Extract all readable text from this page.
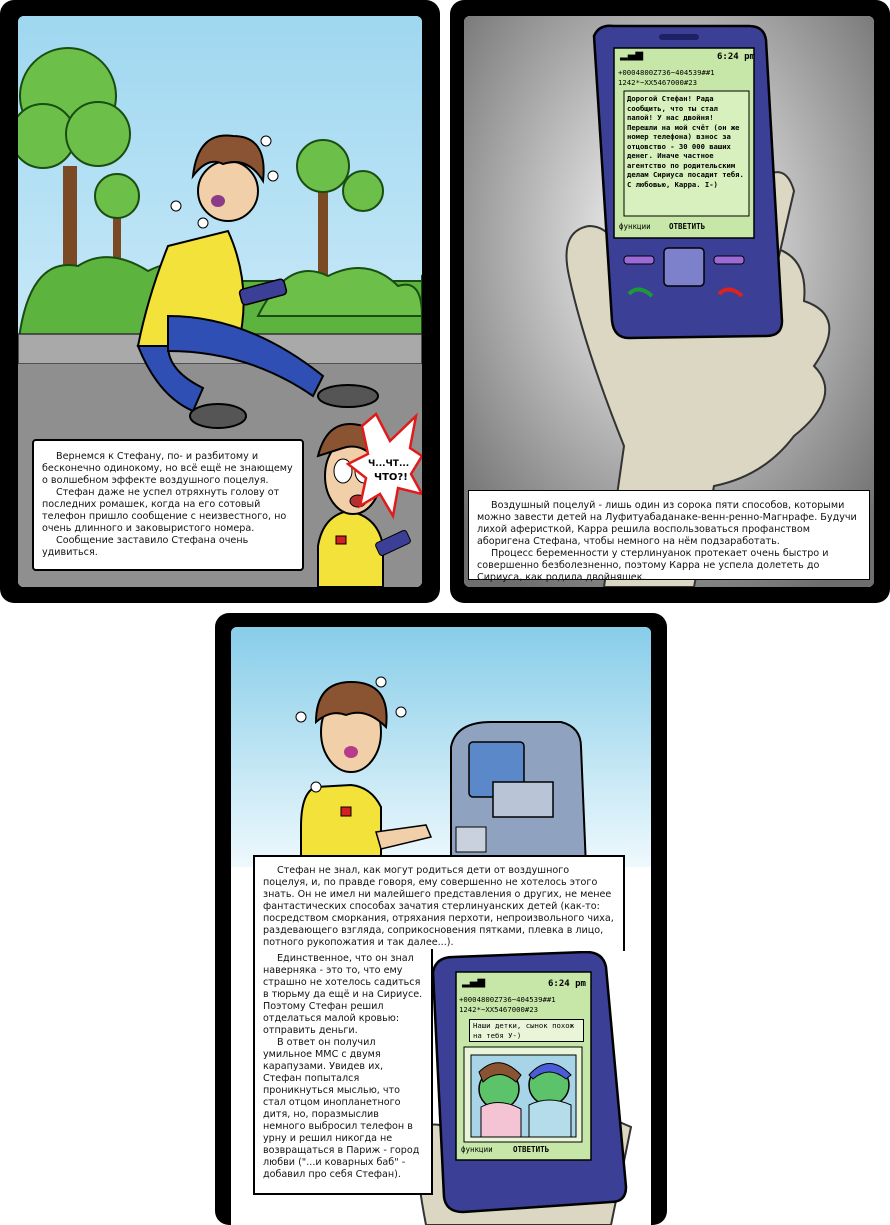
Ч...ЧТ...
ЧТО?!

Вернемся к Стефану, по- и разбитому и бесконечно одинокому, но всё ещё не знающему о волшебном эффекте воздушного поцелуя.

Стефан даже не успел отряхнуть голову от последних ромашек, когда на его сотовый телефон пришло сообщение с неизвестного, но очень длинного и заковыристого номера.

Сообщение заставило Стефана очень удивиться.

6:24 pm
▂▄▆
+0004800Z736~404539##1
1242*~XX5467000#23
Дорогой Стефан! Рада сообщить, что ты стал папой! У нас двойня! Перешли на мой счёт (он же номер телефона) взнос за отцовство - 30 000 ваших денег. Иначе частное агентство по родительским делам Сириуса посадит тебя. С любовью, Карра. I-)
функции ОТВЕТИТЬ

Воздушный поцелуй - лишь один из сорока пяти способов, которыми можно завести детей на Луфитуабаданаке-венн-ренно-Магнрафе. Будучи лихой аферисткой, Карра решила воспользоваться профанством аборигена Стефана, чтобы немного на нём подзаработать.

Процесс беременности у стерлинуанок протекает очень быстро и совершенно безболезненно, поэтому Карра не успела долететь до Сириуса, как родила двойняшек.

6:24 pm
▂▄▆
+0004800Z736~404539##1
1242*~XX5467000#23
Наши детки, сынок похож на тебя У-)
функции	ОТВЕТИТЬ

Стефан не знал, как могут родиться дети от воздушного поцелуя, и, по правде говоря, ему совершенно не хотелось этого знать. Он не имел ни малейшего представления о других, не менее фантастических способах зачатия стерлинуанских детей (как-то: посредством сморкания, отряхания перхоти, непроизвольного чиха, раздевающего взгляда, соприкосновения пятками, плевка в лицо, потного рукопожатия и так далее...).

Единственное, что он знал наверняка - это то, что ему страшно не хотелось садиться в тюрьму да ещё и на Сириусе. Поэтому Стефан решил отделаться малой кровью: отправить деньги.

В ответ он получил умильное ММС с двумя карапузами. Увидев их, Стефан попытался проникнуться мыслью, что стал отцом инопланетного дитя, но, поразмыслив немного выбросил телефон в урну и решил никогда не возвращаться в Париж - город любви ("...и коварных баб" - добавил про себя Стефан).
